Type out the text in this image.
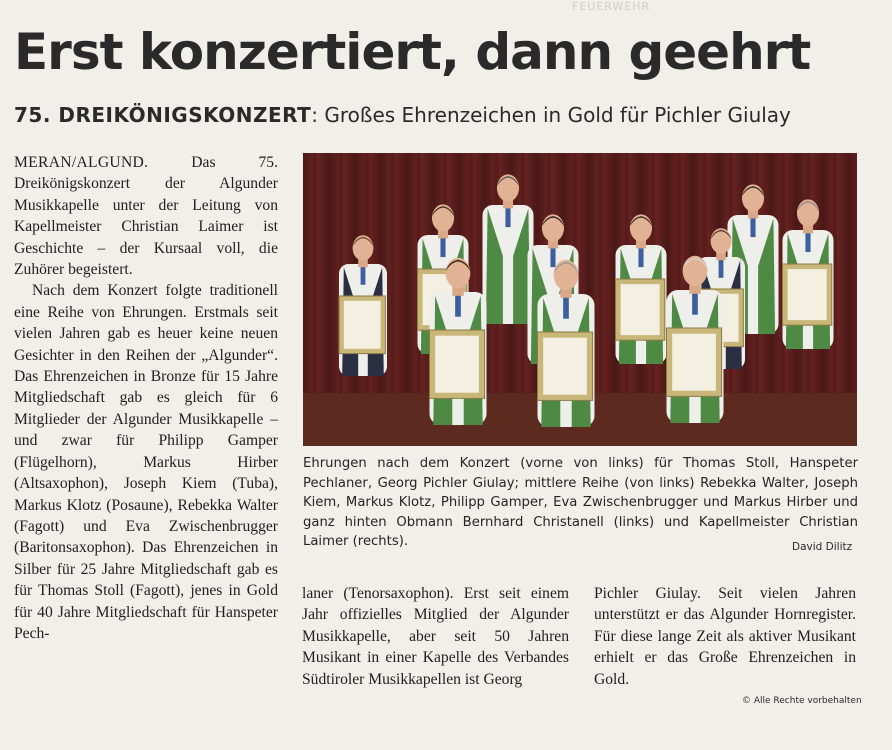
FEUERWEHR
Erst konzertiert, dann geehrt
75. DREIKÖNIGSKONZERT: Großes Ehrenzeichen in Gold für Pichler Giulay

MERAN/ALGUND. Das 75. Dreikönigskonzert der Algunder Musikkapelle unter der Leitung von Kapellmeister Christian Laimer ist Geschichte – der Kursaal voll, die Zuhörer begeistert.

Nach dem Konzert folgte traditionell eine Reihe von Ehrungen. Erstmals seit vielen Jahren gab es heuer keine neuen Gesichter in den Reihen der „Algunder“. Das Ehrenzeichen in Bronze für 15 Jahre Mitgliedschaft gab es gleich für 6 Mitglieder der Algunder Musikkapelle – und zwar für Philipp Gamper (Flügelhorn), Markus Hirber (Altsaxophon), Joseph Kiem (Tuba), Markus Klotz (Posaune), Rebekka Walter (Fagott) und Eva Zwischenbrugger (Baritonsaxophon). Das Ehrenzeichen in Silber für 25 Jahre Mitgliedschaft gab es für Thomas Stoll (Fagott), jenes in Gold für 40 Jahre Mitgliedschaft für Hanspeter Pech-

Ehrungen nach dem Konzert (vorne von links) für Thomas Stoll, Hanspeter Pechlaner, Georg Pichler Giulay; mittlere Reihe (von links) Rebekka Walter, Joseph Kiem, Markus Klotz, Philipp Gamper, Eva Zwischenbrugger und Markus Hirber und ganz hinten Obmann Bernhard Christanell (links) und Kapellmeister Christian Laimer (rechts).	David Dilitz

laner (Tenorsaxophon). Erst seit einem Jahr offizielles Mitglied der Algunder Musikkapelle, aber seit 50 Jahren Musikant in einer Kapelle des Verbandes Südtiroler Musikkapellen ist Georg

Pichler Giulay. Seit vielen Jahren unterstützt er das Algunder Hornregister. Für diese lange Zeit als aktiver Musikant erhielt er das Große Ehrenzeichen in Gold.

© Alle Rechte vorbehalten
